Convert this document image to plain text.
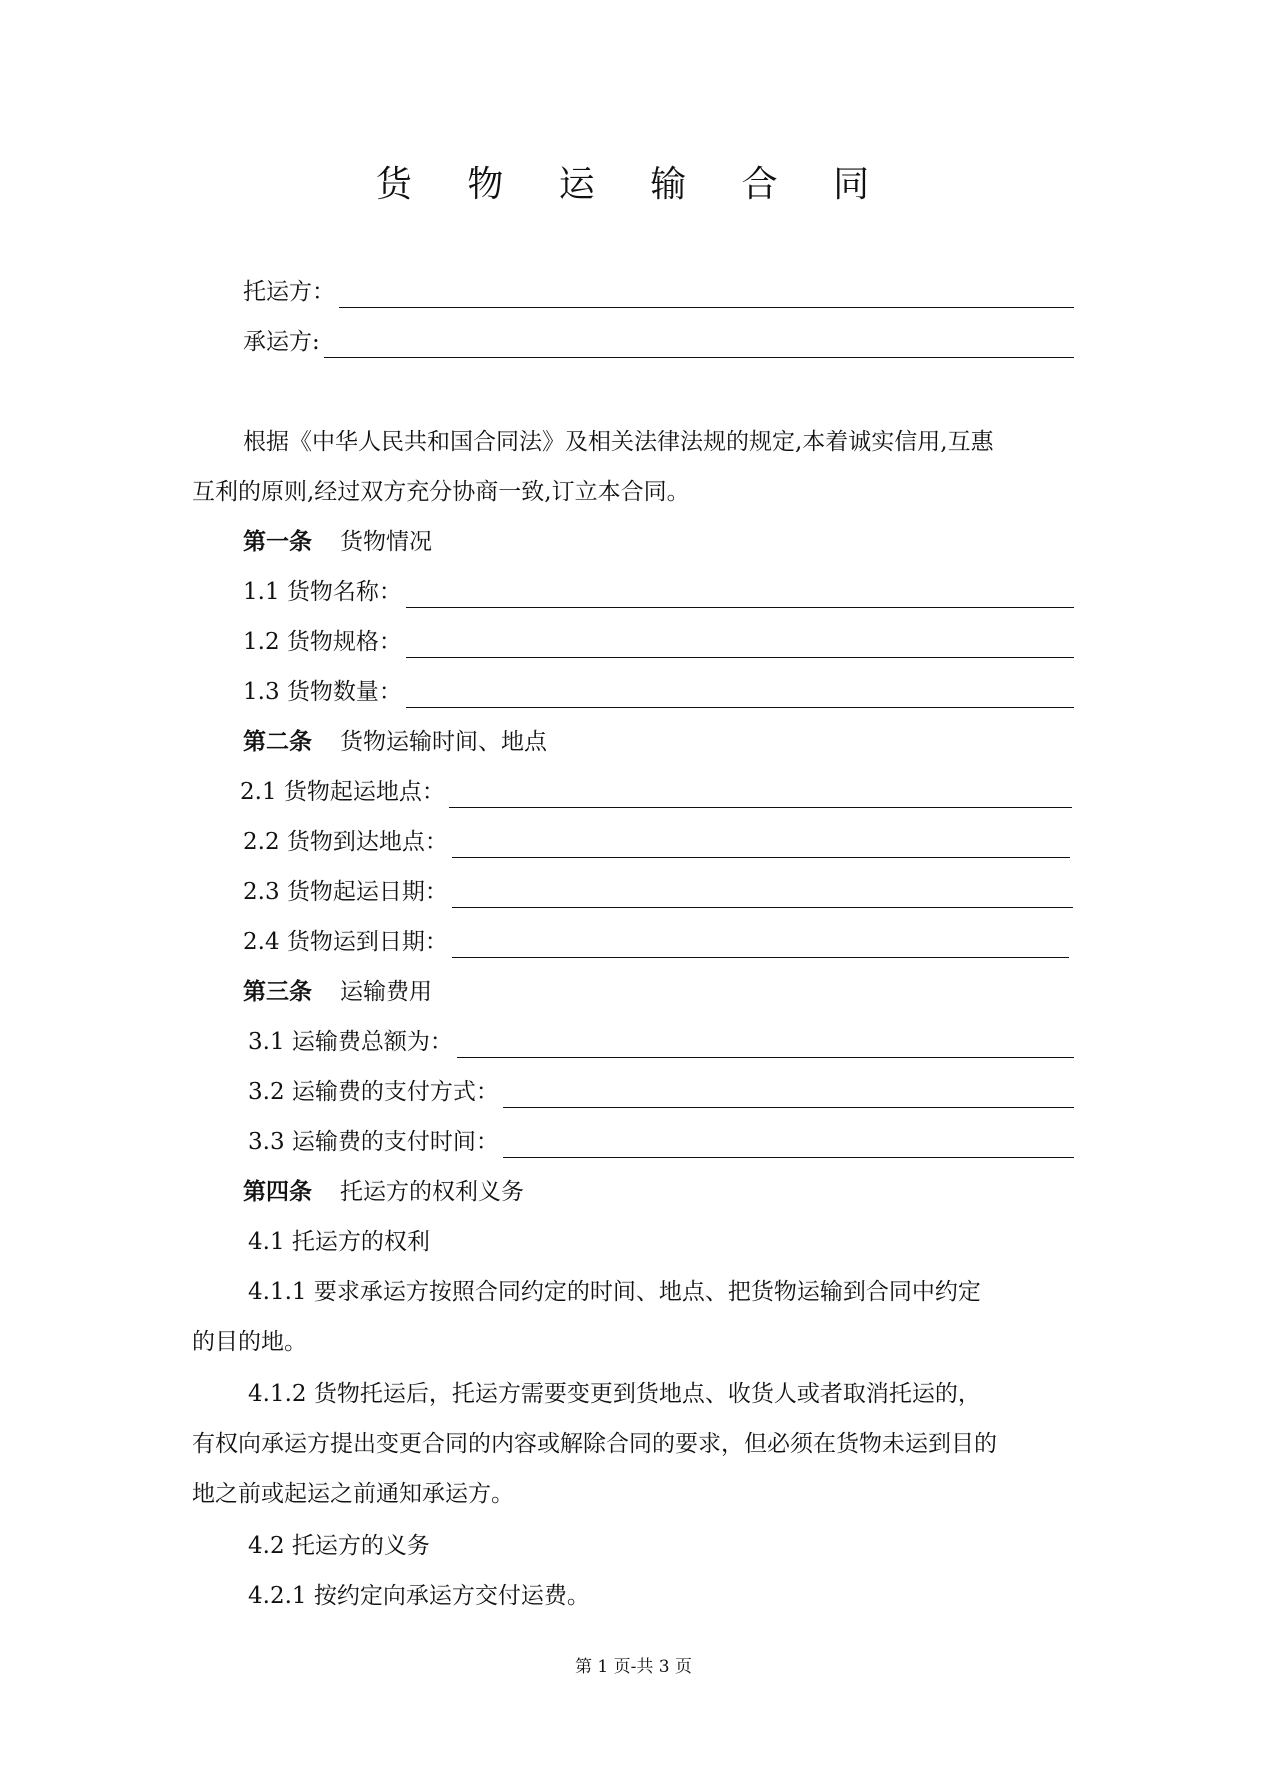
货 物 运 输 合 同
托运方：
承运方:
根据《中华人民共和国合同法》及相关法律法规的规定,本着诚实信用,互惠
互利的原则,经过双方充分协商一致,订立本合同。
第一条 货物情况
1.1 货物名称：
1.2 货物规格：
1.3 货物数量：
第二条 货物运输时间、地点
2.1 货物起运地点：
2.2 货物到达地点：
2.3 货物起运日期：
2.4 货物运到日期：
第三条 运输费用
3.1 运输费总额为：
3.2 运输费的支付方式：
3.3 运输费的支付时间：
第四条 托运方的权利义务
4.1 托运方的权利
4.1.1 要求承运方按照合同约定的时间、地点、把货物运输到合同中约定
的目的地。
4.1.2 货物托运后，托运方需要变更到货地点、收货人或者取消托运的，
有权向承运方提出变更合同的内容或解除合同的要求，但必须在货物未运到目的
地之前或起运之前通知承运方。
4.2 托运方的义务
4.2.1 按约定向承运方交付运费。
第 1 页-共 3 页
